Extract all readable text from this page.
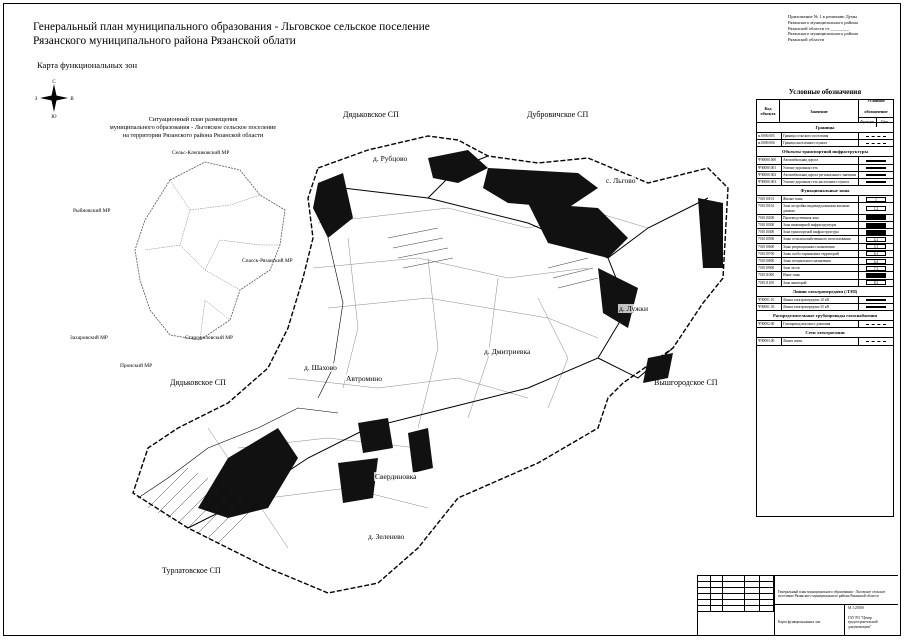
Генеральный план муниципального образования - Льговское сельское поселение
Рязанского муниципального района Рязанской облати
Приложение № 1 к решению Думы
Рязанского муниципального района
Рязанской области от ________
Рязанского муниципального района
Рязанской области
Карта функциональных зон
С
Ю
З	В
Ситуационный план размещения
муниципального образования - Льговское сельское поселение
на территории Рязанского района Рязанской области
Сельс-Клепиковский МР
Рыбновский МР
Спасск-Рязанский МР
Захаровский МР	Старожиловский МР
Пронский МР
Дядьковское СП	Дубровичское СП
Дядьковское СП	Вышгородское СП
Турлатовское СП
д. Рубцово
с. Льгово
д. Лужки
д. Дмитриевка
д. Шахово
Автромино
Свердиновка
д. Зеленево
Условные обозначения
Код объекта	Значение
Условное обозначение
Функция	Цвет
Границы
м.0000.005	Граница сельского поселения
м.0000.006	Граница населенного пункта
Объекты транспортной инфраструктуры
ЧЧ0000.000	Автомобильная дорога
ЧЧ0000.001	Улично-дорожная сеть
ЧЧ0000.002	Автомобильная дорога регионального значения
ЧЧ0000.003	Улично-дорожная сеть населенного пункта
Функциональные зоны
701010101	Жилые зоны	1
701010102	Зона застройки индивидуальными жилыми домами	1.2
701010200	Производственная зона
701010300	Зона инженерной инфраструктуры
701010400	Зона транспортной инфраструктуры
701010500	Зоны сельскохозяйственного использования	4.1
701010600	Зоны рекреационного назначения	5.1
701010700	Зоны особо охраняемых территорий	6.1
701010800	Зоны специального назначения	6.4
701010900	Зона лесов	7.1
701011000	Иные зоны
701011100	Зона акваторий	8.2
Линии электропередачи (ЛЭП)
ЧЧ0001.10	Линия электропередачи 10 кВ
ЧЧ0001.35	Линия электропередачи 35 кВ
Распределительные трубопроводы газоснабжения
ЧЧ0002.00	Газопровод высокого давления
Сети электросвязи
ЧЧ0003.00	Линия связи
Генеральный план муниципального образования - Льговское сельское поселение Рязанского муниципального района Рязанской области
Карта функциональных зон
ГАУ РО "Центр градостроительной документации"
М 1:25000
